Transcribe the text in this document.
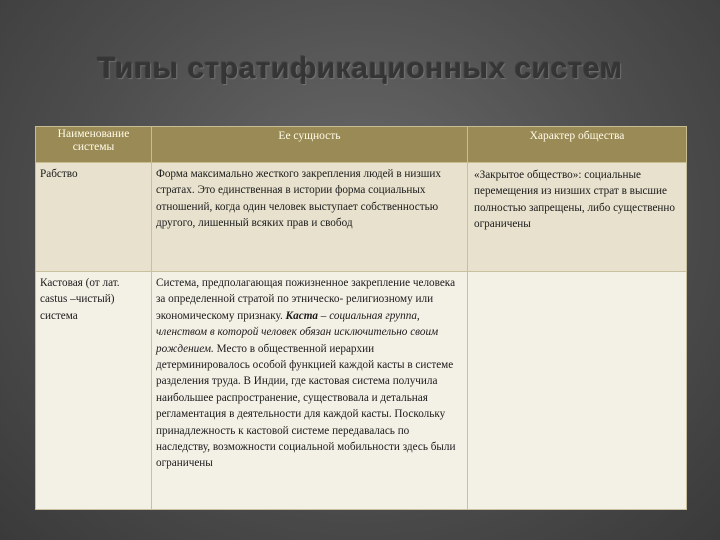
Типы стратификационных систем
Наименование системы	Ее сущность	Характер общества
Рабство	Форма максимально жесткого закрепления людей в низших стратах. Это единственная в истории форма социальных отношений, когда один человек выступает собственностью другого, лишенный всяких прав и свобод	«Закрытое общество»: социальные перемещения из низших страт в высшие полностью запрещены, либо существенно ограничены
Кастовая (от лат. castus –чистый) система	Система, предполагающая пожизненное закрепление человека за определенной стратой по этническо- религиозному или экономическому признаку. Каста – социальная группа, членством в которой человек обязан исключительно своим рождением. Место в общественной иерархии детерминировалось особой функцией каждой касты в системе разделения труда. В Индии, где кастовая система получила наибольшее распространение, существовала и детальная регламентация в деятельности для каждой касты. Поскольку принадлежность к кастовой системе передавалась по наследству, возможности социальной мобильности здесь были ограничены	
